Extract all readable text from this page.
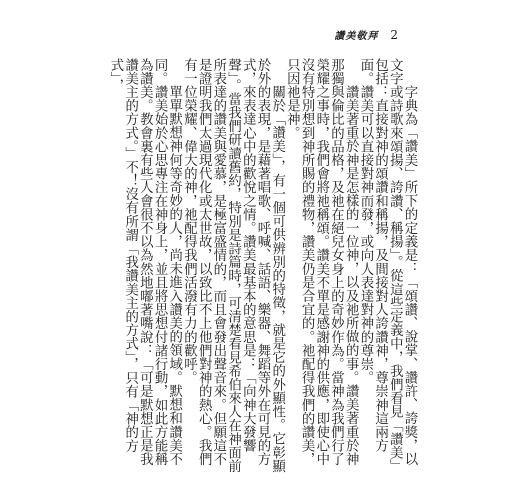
讚美敬拜 2

字典為「讚美」所下的定義是：「頌讚、說掌、讚許、誇獎，以文字或詩歌來頌揚、誇讚、稱揚」。從這些定義中，我們看見「讚美」包括：直接對神的頌讚和稱揚，及間接對人誇讚神，尊崇神這兩方面。讚美可以直接對神而發，或向人表達對神的尊崇。

讚美著重於神是怎樣的一位神，以及祂所做的事。讚美著重於神那獨與倫比的品格，及祂在絕兒女身上的奇妙作為。當神為我們行了榮耀之事時，我們會將祂稱頌。讚美不單是感謝神的供應，即使心中沒有特別想到神所賜的禮物，讚美仍是合宜的。祂配得我們的讚美，只因祂是神。

關於「讚美」，有一個可供辨別的特徵，就是它的外顯性。它彰顯於外的表現，是藉著唱歌、呼喊、話語、樂器、舞蹈等外在可見的方式，來表達心中的歡悅之情。讚美最基本的意思是：「向神大發響聲」。當我們研讀舊約，特別是詩篇時，可清楚看見希伯來人在神面前所表達的讚美與愛慕，是極富盛情的，而且會發出聲音來。但願這不是證明我們太過現代化或太世故，以致比不上他們對神的熱心。我們有一位榮耀、偉大的神，祂配得我們活潑有力的歡呼。

單單默想神何等奇妙的人，尚未進入讚美的領域。默想和讚美不同。讚美始於心思專注在神身上，並且將思想付諸行動，如此方能稱為讚美。教會裏有些人會很不以為然地嘟著嘴說：「可是默想正是我讚美主的方式。」不！沒有所謂「我讚美主的方式」，只有「神的方式」，
